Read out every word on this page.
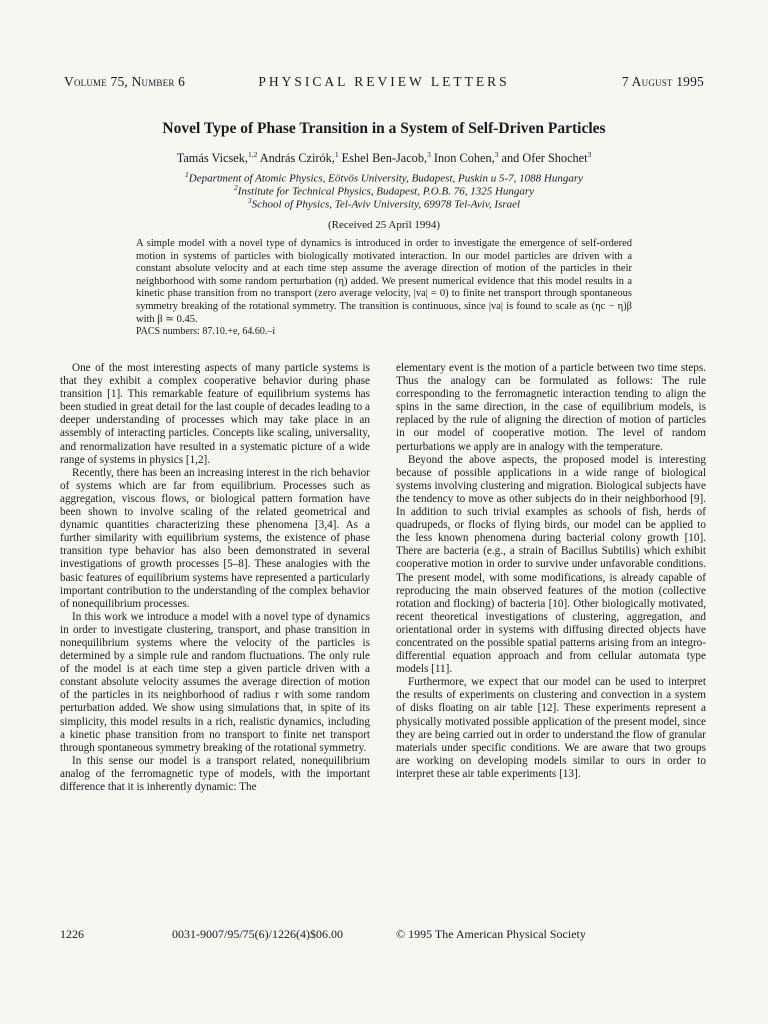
Volume 75, Number 6	PHYSICAL REVIEW LETTERS	7 August 1995
Novel Type of Phase Transition in a System of Self-Driven Particles
Tamás Vicsek,$^{1,2}$ András Czirók,$^1$ Eshel Ben-Jacob,$^3$ Inon Cohen,$^3$ and Ofer Shochet$^3$
$^1$Department of Atomic Physics, Eötvös University, Budapest, Puskin u 5-7, 1088 Hungary
$^2$Institute for Technical Physics, Budapest, P.O.B. 76, 1325 Hungary
$^3$School of Physics, Tel-Aviv University, 69978 Tel-Aviv, Israel
(Received 25 April 1994)
A simple model with a novel type of dynamics is introduced in order to investigate the emergence of self-ordered motion in systems of particles with biologically motivated interaction. In our model particles are driven with a constant absolute velocity and at each time step assume the average direction of motion of the particles in their neighborhood with some random perturbation (η) added. We present numerical evidence that this model results in a kinetic phase transition from no transport (zero average velocity, |va| = 0) to finite net transport through spontaneous symmetry breaking of the rotational symmetry. The transition is continuous, since |va| is found to scale as (ηc − η)β with β ≃ 0.45.
PACS numbers: 87.10.+e, 64.60.–i

One of the most interesting aspects of many particle systems is that they exhibit a complex cooperative behavior during phase transition [1]. This remarkable feature of equilibrium systems has been studied in great detail for the last couple of decades leading to a deeper understanding of processes which may take place in an assembly of interacting particles. Concepts like scaling, universality, and renormalization have resulted in a systematic picture of a wide range of systems in physics [1,2].

Recently, there has been an increasing interest in the rich behavior of systems which are far from equilibrium. Processes such as aggregation, viscous flows, or biological pattern formation have been shown to involve scaling of the related geometrical and dynamic quantities characterizing these phenomena [3,4]. As a further similarity with equilibrium systems, the existence of phase transition type behavior has also been demonstrated in several investigations of growth processes [5–8]. These analogies with the basic features of equilibrium systems have represented a particularly important contribution to the understanding of the complex behavior of nonequilibrium processes.

In this work we introduce a model with a novel type of dynamics in order to investigate clustering, transport, and phase transition in nonequilibrium systems where the velocity of the particles is determined by a simple rule and random fluctuations. The only rule of the model is at each time step a given particle driven with a constant absolute velocity assumes the average direction of motion of the particles in its neighborhood of radius r with some random perturbation added. We show using simulations that, in spite of its simplicity, this model results in a rich, realistic dynamics, including a kinetic phase transition from no transport to finite net transport through spontaneous symmetry breaking of the rotational symmetry.

In this sense our model is a transport related, nonequilibrium analog of the ferromagnetic type of models, with the important difference that it is inherently dynamic: The

elementary event is the motion of a particle between two time steps. Thus the analogy can be formulated as follows: The rule corresponding to the ferromagnetic interaction tending to align the spins in the same direction, in the case of equilibrium models, is replaced by the rule of aligning the direction of motion of particles in our model of cooperative motion. The level of random perturbations we apply are in analogy with the temperature.

Beyond the above aspects, the proposed model is interesting because of possible applications in a wide range of biological systems involving clustering and migration. Biological subjects have the tendency to move as other subjects do in their neighborhood [9]. In addition to such trivial examples as schools of fish, herds of quadrupeds, or flocks of flying birds, our model can be applied to the less known phenomena during bacterial colony growth [10]. There are bacteria (e.g., a strain of Bacillus Subtilis) which exhibit cooperative motion in order to survive under unfavorable conditions. The present model, with some modifications, is already capable of reproducing the main observed features of the motion (collective rotation and flocking) of bacteria [10]. Other biologically motivated, recent theoretical investigations of clustering, aggregation, and orientational order in systems with diffusing directed objects have concentrated on the possible spatial patterns arising from an integro-differential equation approach and from cellular automata type models [11].

Furthermore, we expect that our model can be used to interpret the results of experiments on clustering and convection in a system of disks floating on air table [12]. These experiments represent a physically motivated possible application of the present model, since they are being carried out in order to understand the flow of granular materials under specific conditions. We are aware that two groups are working on developing models similar to ours in order to interpret these air table experiments [13].

1226	0031-9007/95/75(6)/1226(4)$06.00	© 1995 The American Physical Society
